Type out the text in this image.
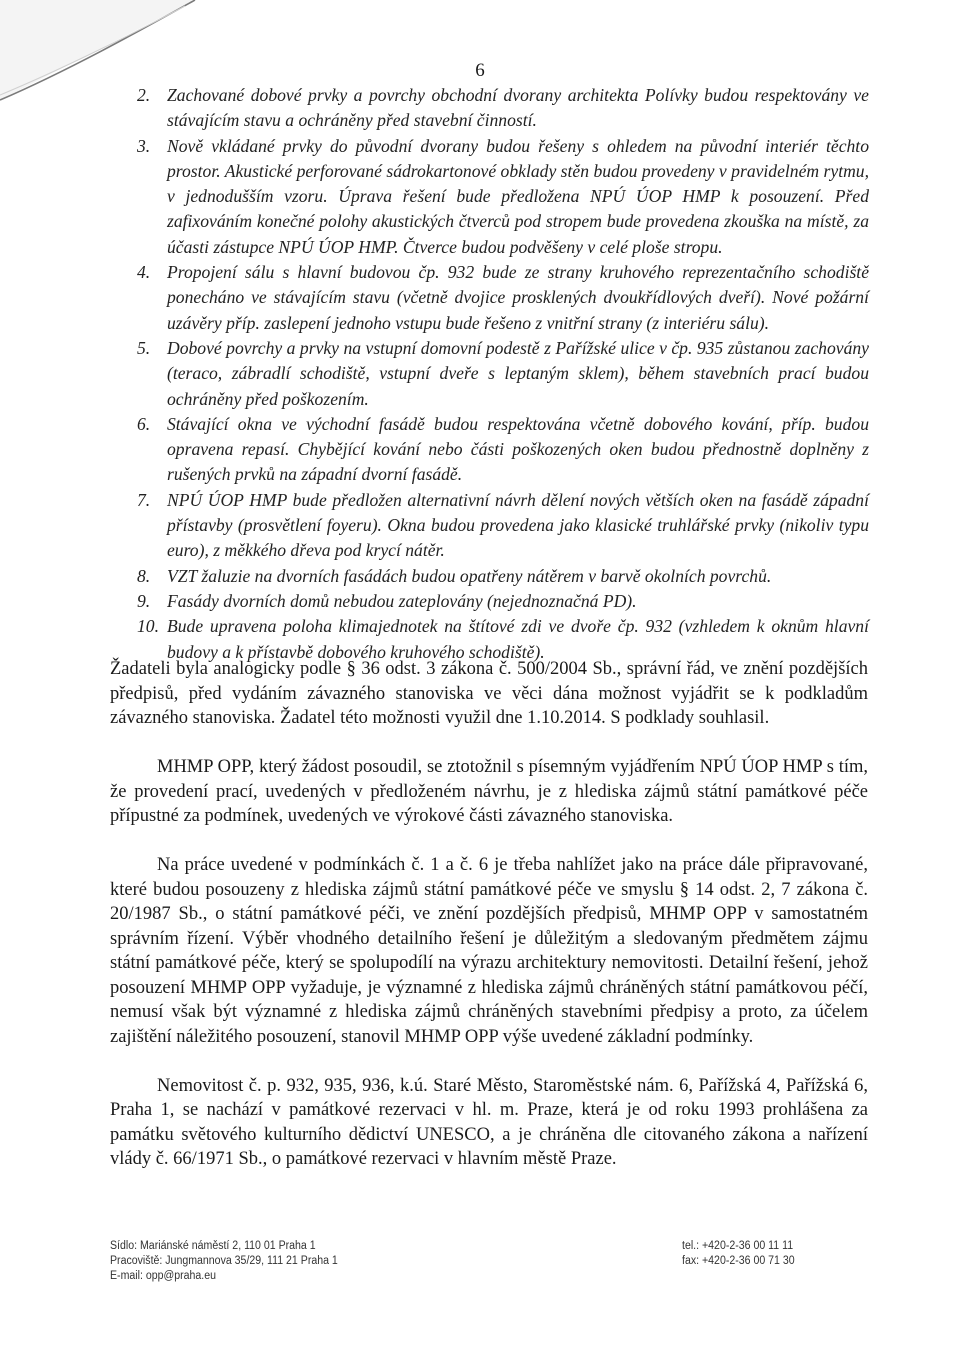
6
2. Zachované dobové prvky a povrchy obchodní dvorany architekta Polívky budou respektovány ve stávajícím stavu a ochráněny před stavební činností.
3. Nově vkládané prvky do původní dvorany budou řešeny s ohledem na původní interiér těchto prostor. Akustické perforované sádrokartonové obklady stěn budou provedeny v pravidelném rytmu, v jednodušším vzoru. Úprava řešení bude předložena NPÚ ÚOP HMP k posouzení. Před zafixováním konečné polohy akustických čtverců pod stropem bude provedena zkouška na místě, za účasti zástupce NPÚ ÚOP HMP. Čtverce budou podvěšeny v celé ploše stropu.
4. Propojení sálu s hlavní budovou čp. 932 bude ze strany kruhového reprezentačního schodiště ponecháno ve stávajícím stavu (včetně dvojice prosklených dvoukřídlových dveří). Nové požární uzávěry příp. zaslepení jednoho vstupu bude řešeno z vnitřní strany (z interiéru sálu).
5. Dobové povrchy a prvky na vstupní domovní podestě z Pařížské ulice v čp. 935 zůstanou zachovány (teraco, zábradlí schodiště, vstupní dveře s leptaným sklem), během stavebních prací budou ochráněny před poškozením.
6. Stávající okna ve východní fasádě budou respektována včetně dobového kování, příp. budou opravena repasí. Chybějící kování nebo části poškozených oken budou přednostně doplněny z rušených prvků na západní dvorní fasádě.
7. NPÚ ÚOP HMP bude předložen alternativní návrh dělení nových větších oken na fasádě západní přístavby (prosvětlení foyeru). Okna budou provedena jako klasické truhlářské prvky (nikoliv typu euro), z měkkého dřeva pod krycí nátěr.
8. VZT žaluzie na dvorních fasádách budou opatřeny nátěrem v barvě okolních povrchů.
9. Fasády dvorních domů nebudou zateplovány (nejednoznačná PD).
10. Bude upravena poloha klimajednotek na štítové zdi ve dvoře čp. 932 (vzhledem k oknům hlavní budovy a k přístavbě dobového kruhového schodiště).

Žadateli byla analogicky podle § 36 odst. 3 zákona č. 500/2004 Sb., správní řád, ve znění pozdějších předpisů, před vydáním závazného stanoviska ve věci dána možnost vyjádřit se k podkladům závazného stanoviska. Žadatel této možnosti využil dne 1.10.2014. S podklady souhlasil.

MHMP OPP, který žádost posoudil, se ztotožnil s písemným vyjádřením NPÚ ÚOP HMP s tím, že provedení prací, uvedených v předloženém návrhu, je z hlediska zájmů státní památkové péče přípustné za podmínek, uvedených ve výrokové části závazného stanoviska.

Na práce uvedené v podmínkách č. 1 a č. 6 je třeba nahlížet jako na práce dále připravované, které budou posouzeny z hlediska zájmů státní památkové péče ve smyslu § 14 odst. 2, 7 zákona č. 20/1987 Sb., o státní památkové péči, ve znění pozdějších předpisů, MHMP OPP v samostatném správním řízení. Výběr vhodného detailního řešení je důležitým a sledovaným předmětem zájmu státní památkové péče, který se spolupodílí na výrazu architektury nemovitosti. Detailní řešení, jehož posouzení MHMP OPP vyžaduje, je významné z hlediska zájmů chráněných státní památkovou péčí, nemusí však být významné z hlediska zájmů chráněných stavebními předpisy a proto, za účelem zajištění náležitého posouzení, stanovil MHMP OPP výše uvedené základní podmínky.

Nemovitost č. p. 932, 935, 936, k.ú. Staré Město, Staroměstské nám. 6, Pařížská 4, Pařížská 6, Praha 1, se nachází v památkové rezervaci v hl. m. Praze, která je od roku 1993 prohlášena za památku světového kulturního dědictví UNESCO, a je chráněna dle citovaného zákona a nařízení vlády č. 66/1971 Sb., o památkové rezervaci v hlavním městě Praze.

Sídlo: Mariánské náměstí 2, 110 01 Praha 1
Pracoviště: Jungmannova 35/29, 111 21 Praha 1
E-mail: opp@praha.eu
tel.: +420-2-36 00 11 11
fax: +420-2-36 00 71 30
